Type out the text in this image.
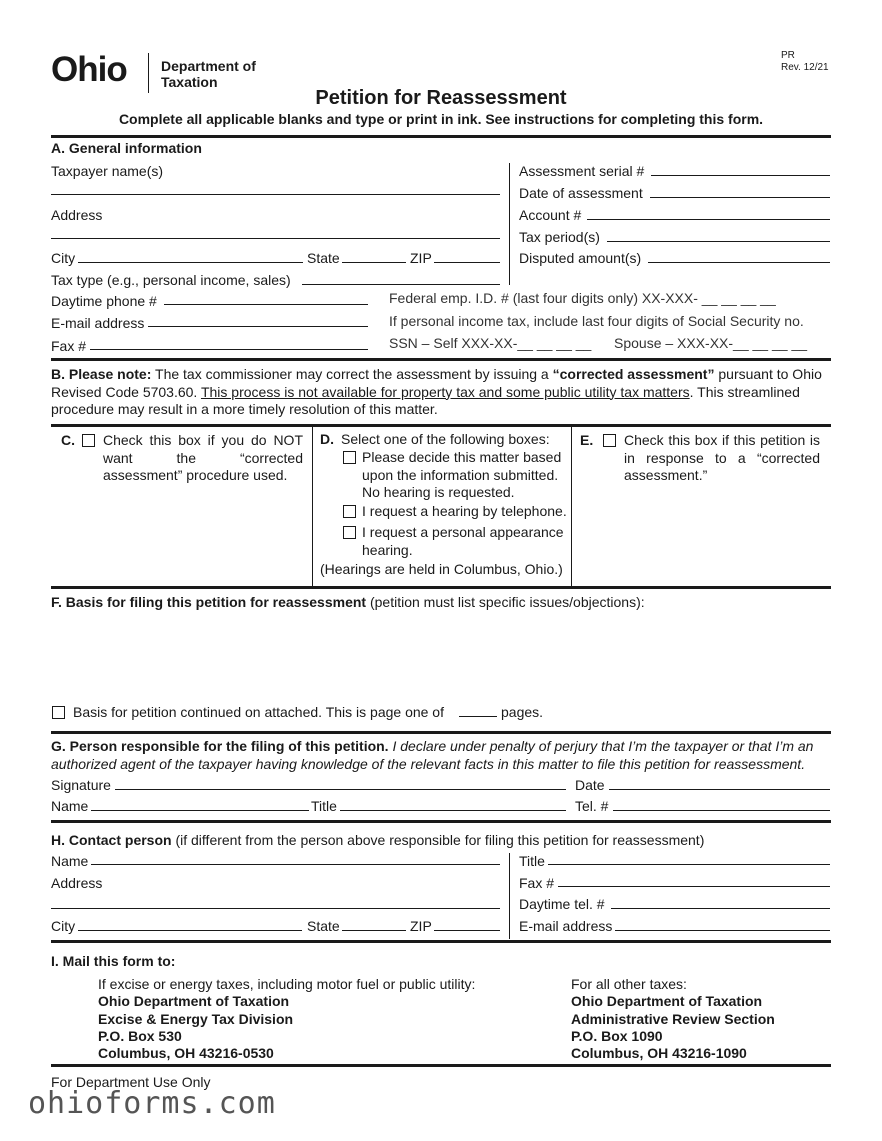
Ohio Department of
Taxation
PR
Rev. 12/21
Petition for Reassessment
Complete all applicable blanks and type or print in ink. See instructions for completing this form.
A. General information
Taxpayer name(s)
Address
City	State	ZIP
Tax type (e.g., personal income, sales)
Assessment serial #
Date of assessment
Account #
Tax period(s)
Disputed amount(s)
Daytime phone #
E-mail address
Fax #
Federal emp. I.D. # (last four digits only) XX-XXX- __ __ __ __
If personal income tax, include last four digits of Social Security no.
SSN – Self XXX-XX-__ __ __ __ Spouse – XXX-XX-__ __ __ __
B. Please note: The tax commissioner may correct the assessment by issuing a “corrected assessment” pursuant to Ohio Revised Code 5703.60. This process is not available for property tax and some public utility tax matters. This streamlined procedure may result in a more timely resolution of this matter.
C. Check this box if you do NOT want the “corrected assessment” procedure used.
D. Select one of the following boxes:
Please decide this matter based upon the information submitted. No hearing is requested.
I request a hearing by telephone.
I request a personal appearance hearing.
(Hearings are held in Columbus, Ohio.)
E. Check this box if this petition is in response to a “corrected assessment.”
F. Basis for filing this petition for reassessment (petition must list specific issues/objections):
Basis for petition continued on attached. This is page one of	pages.
G. Person responsible for the filing of this petition. I declare under penalty of perjury that I’m the taxpayer or that I’m an authorized agent of the taxpayer having knowledge of the relevant facts in this matter to file this petition for reassessment.
Signature	Date
Name	Title	Tel. #
H. Contact person (if different from the person above responsible for filing this petition for reassessment)
Name
Address
City	State	ZIP
Title
Fax #
Daytime tel. #
E-mail address
I. Mail this form to:
If excise or energy taxes, including motor fuel or public utility:
Ohio Department of Taxation
Excise & Energy Tax Division
P.O. Box 530
Columbus, OH 43216-0530
For all other taxes:
Ohio Department of Taxation
Administrative Review Section
P.O. Box 1090
Columbus, OH 43216-1090
For Department Use Only
ohioforms.com
